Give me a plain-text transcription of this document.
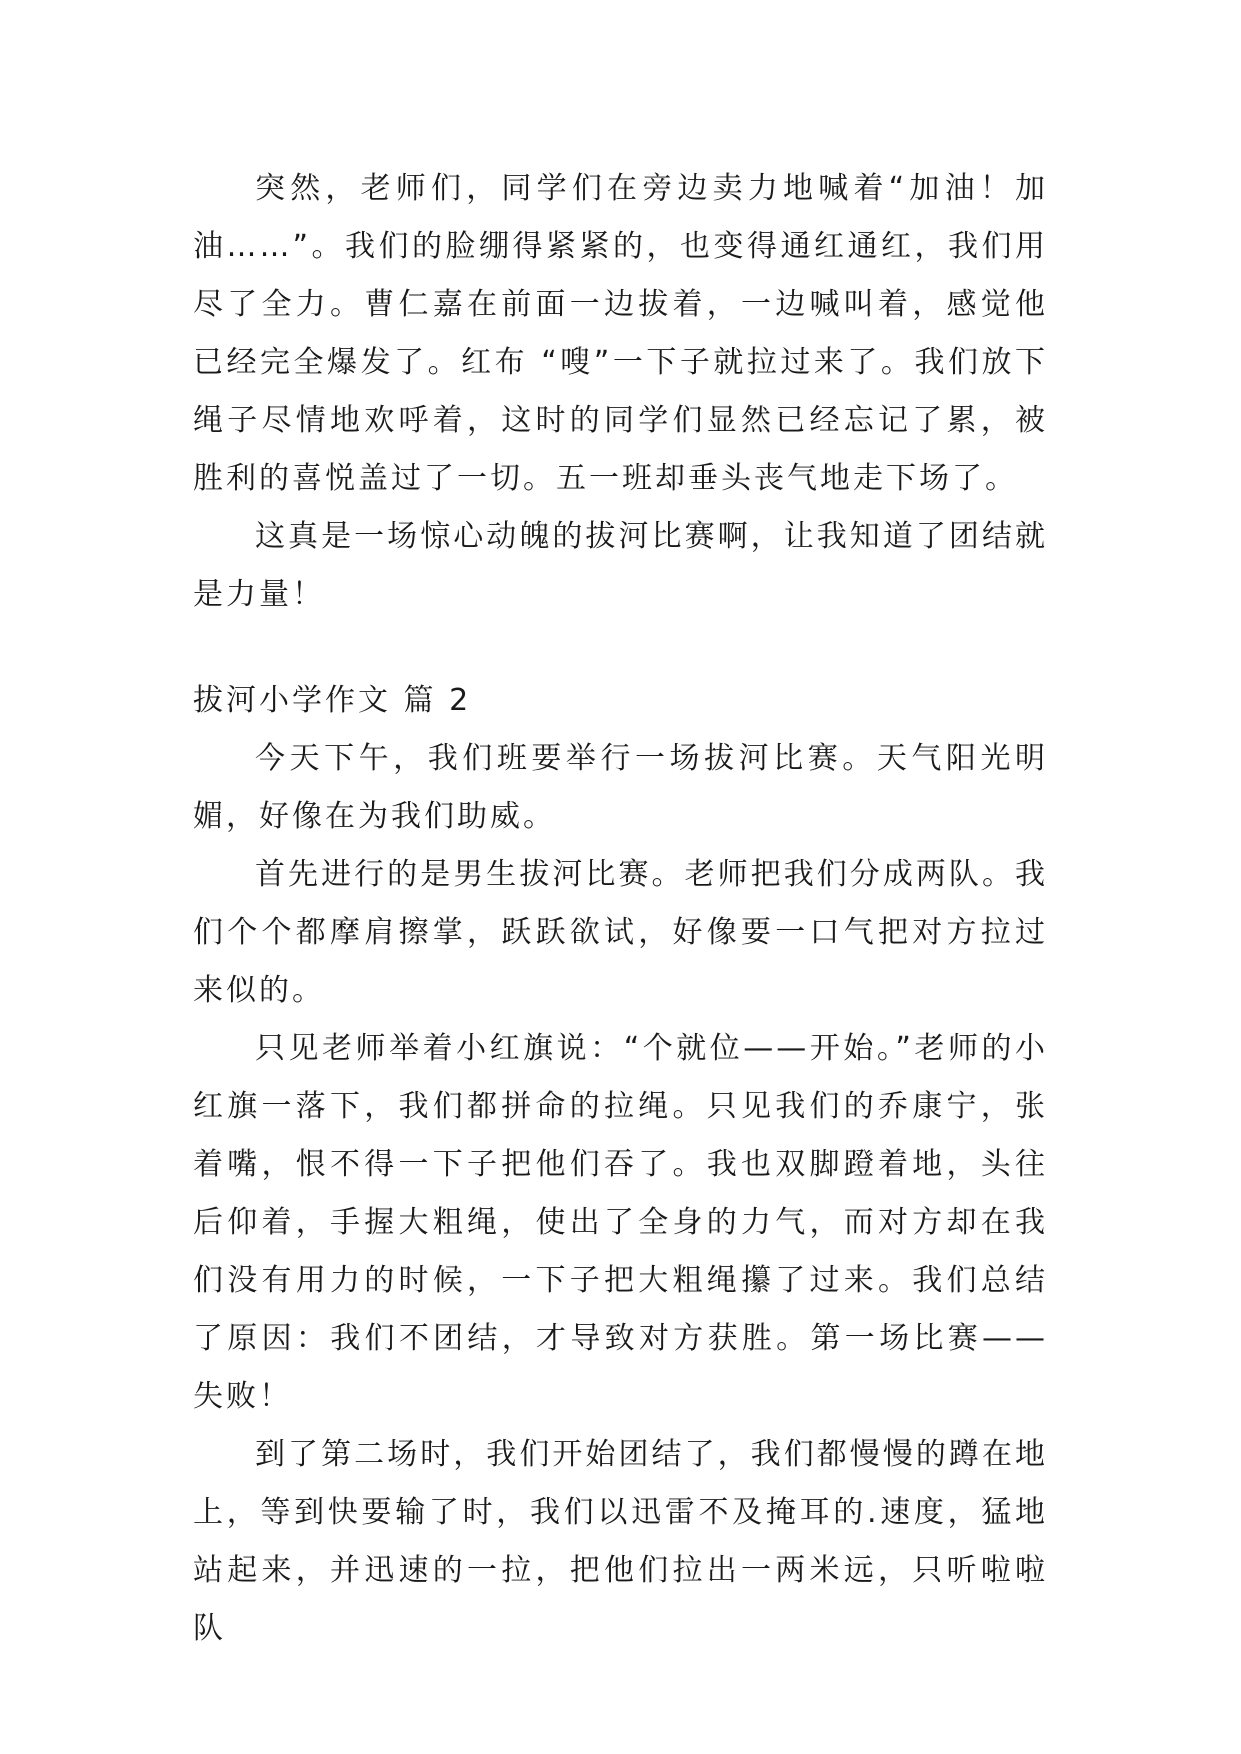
突然，老师们，同学们在旁边卖力地喊着“加油！加油……”。我们的脸绷得紧紧的，也变得通红通红，我们用尽了全力。曹仁嘉在前面一边拔着，一边喊叫着，感觉他已经完全爆发了。红布 “嗖”一下子就拉过来了。我们放下绳子尽情地欢呼着，这时的同学们显然已经忘记了累，被胜利的喜悦盖过了一切。五一班却垂头丧气地走下场了。

这真是一场惊心动魄的拔河比赛啊，让我知道了团结就是力量！

拔河小学作文 篇 2

今天下午，我们班要举行一场拔河比赛。天气阳光明媚，好像在为我们助威。

首先进行的是男生拔河比赛。老师把我们分成两队。我们个个都摩肩擦掌，跃跃欲试，好像要一口气把对方拉过来似的。

只见老师举着小红旗说：“个就位——开始。”老师的小红旗一落下，我们都拼命的拉绳。只见我们的乔康宁，张着嘴，恨不得一下子把他们吞了。我也双脚蹬着地，头往后仰着，手握大粗绳，使出了全身的力气，而对方却在我们没有用力的时候，一下子把大粗绳攥了过来。我们总结了原因：我们不团结，才导致对方获胜。第一场比赛——失败！

到了第二场时，我们开始团结了，我们都慢慢的蹲在地上，等到快要输了时，我们以迅雷不及掩耳的.速度，猛地站起来，并迅速的一拉，把他们拉出一两米远，只听啦啦队
